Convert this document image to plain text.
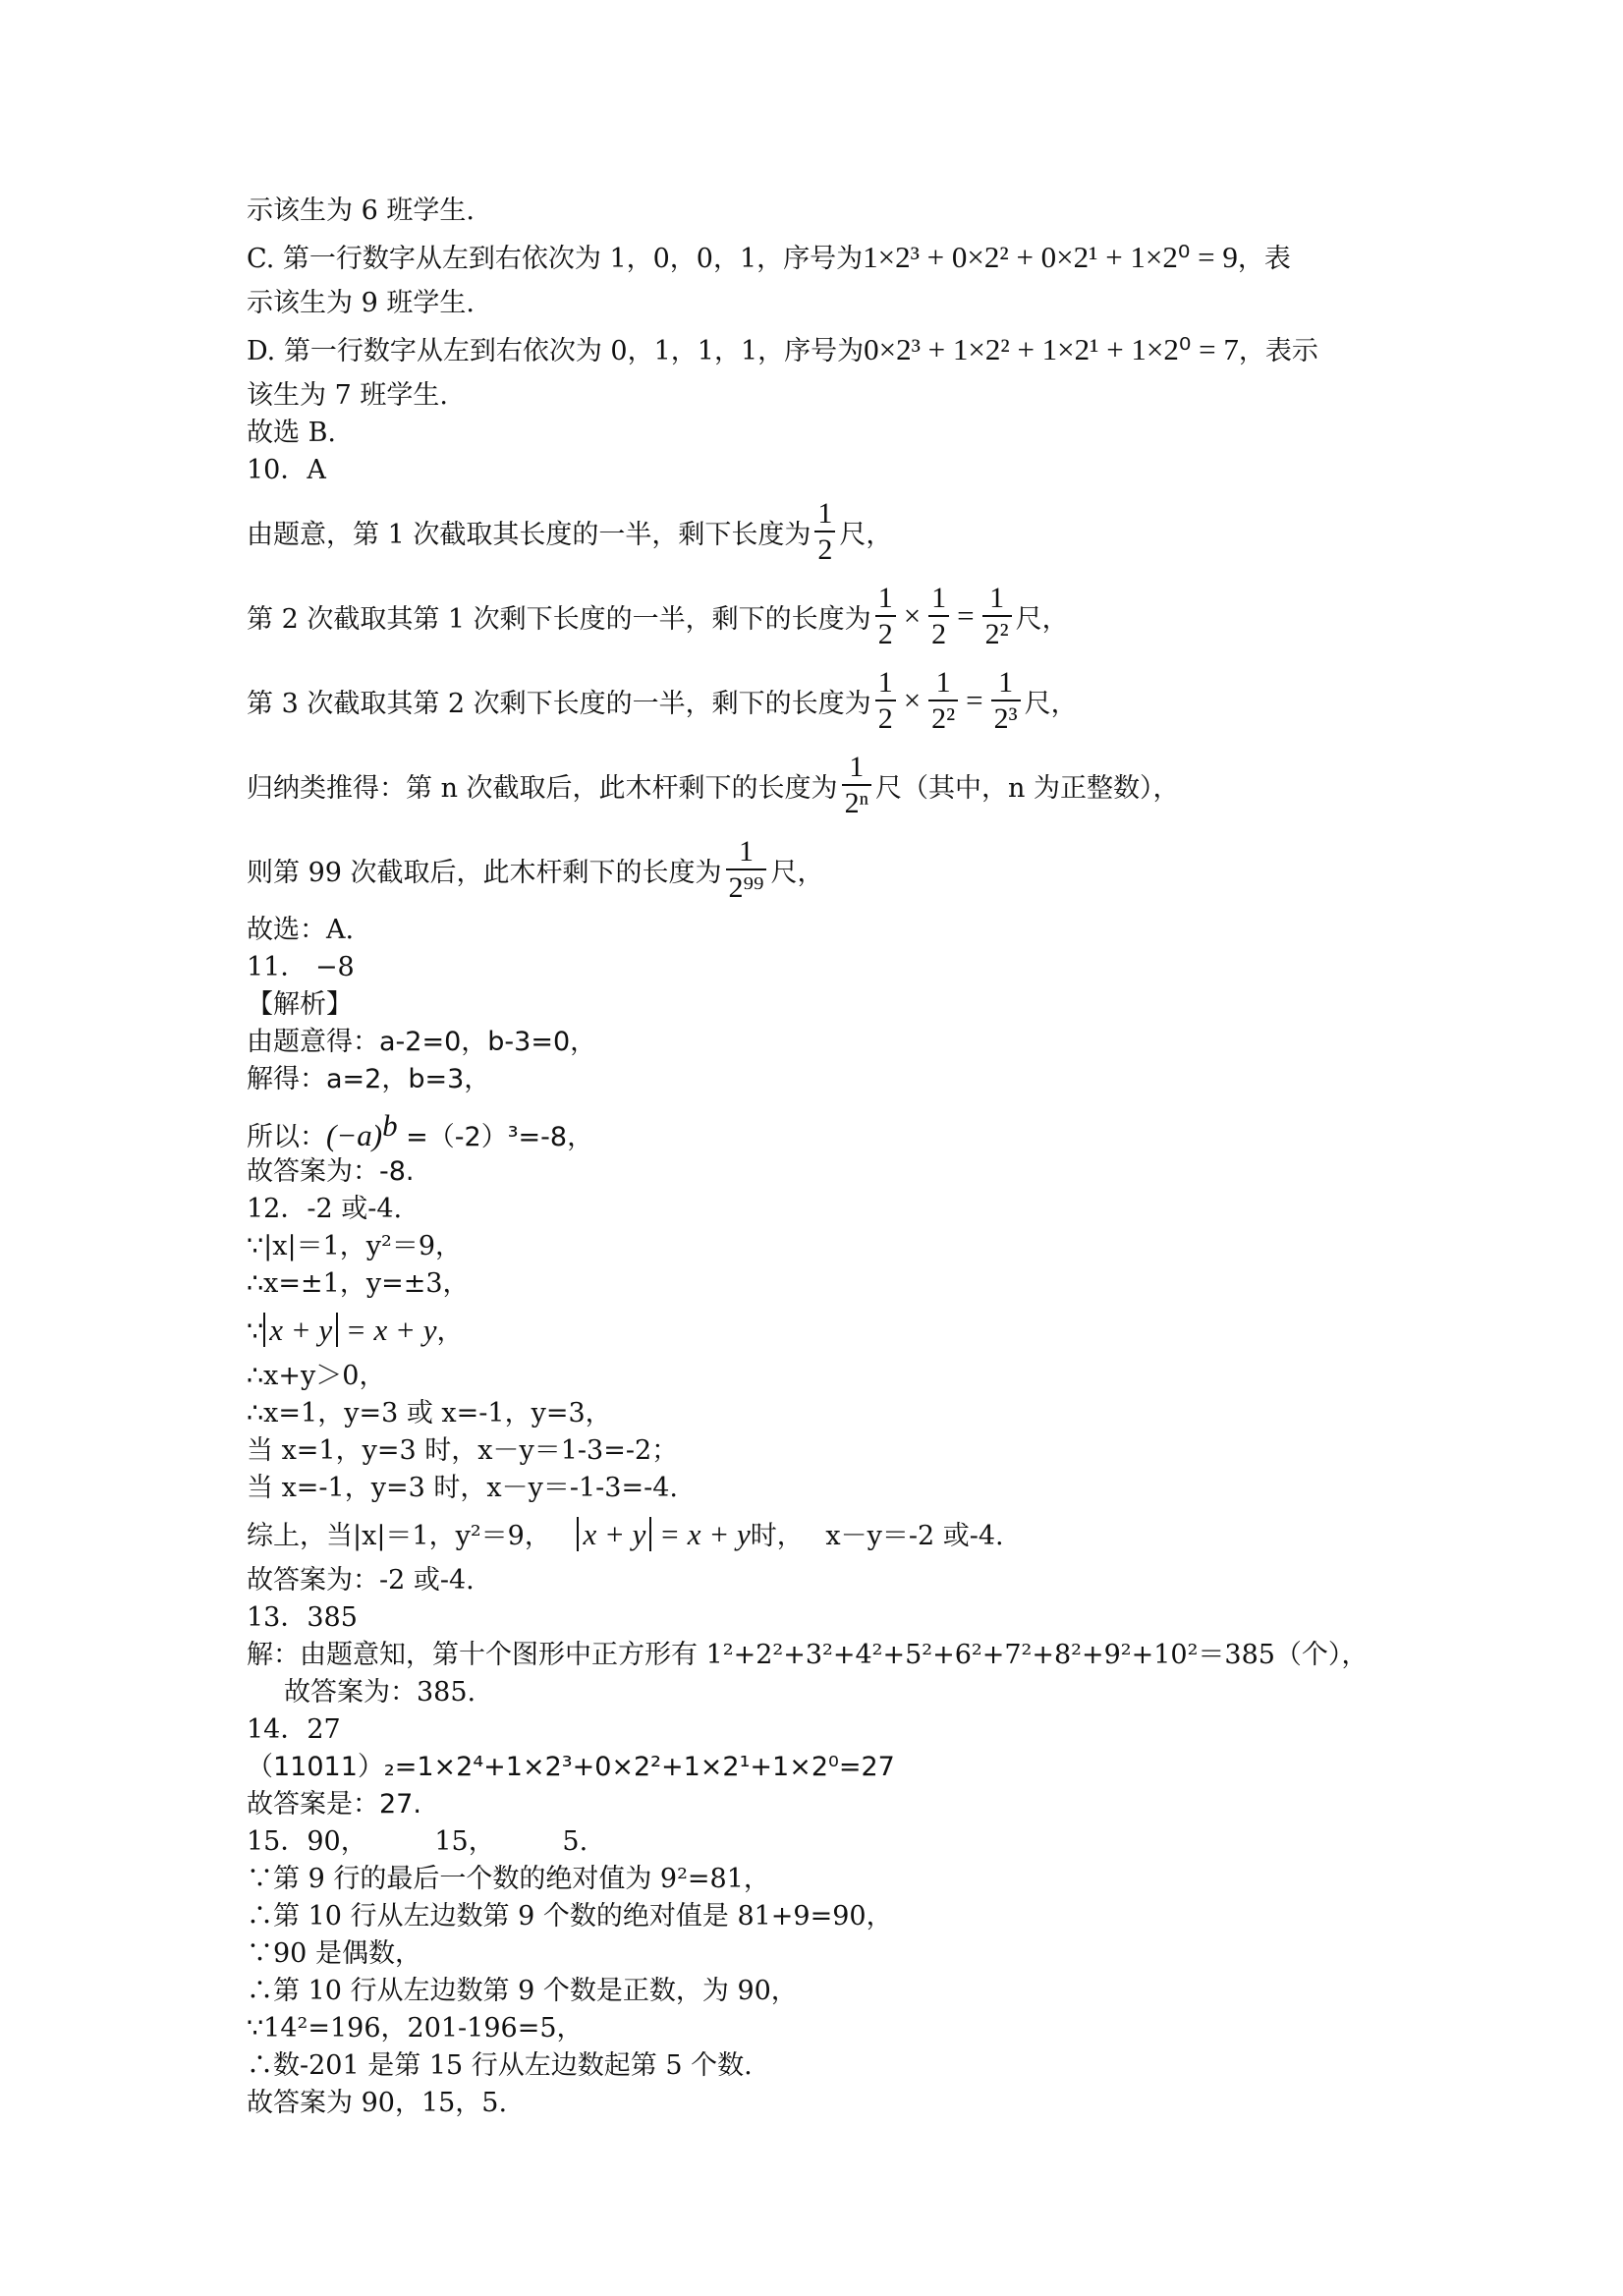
示该生为 6 班学生.
C. 第一行数字从左到右依次为 1，0，0，1，序号为1×2³ + 0×2² + 0×2¹ + 1×2⁰ = 9，表
示该生为 9 班学生.
D. 第一行数字从左到右依次为 0，1，1，1，序号为0×2³ + 1×2² + 1×2¹ + 1×2⁰ = 7，表示
该生为 7 班学生.
故选 B.
10．A
由题意，第 1 次截取其长度的一半，剩下长度为 $\frac{1}{2}$ 尺，
第 2 次截取其第 1 次剩下长度的一半，剩下的长度为 $\frac{1}{2} \times \frac{1}{2} = \frac{1}{\text{2²}}$ 尺，
第 3 次截取其第 2 次剩下长度的一半，剩下的长度为 $\frac{1}{2} \times \frac{1}{\text{2²}} = \frac{1}{\text{2³}}$ 尺，
归纳类推得：第 n 次截取后，此木杆剩下的长度为 $\frac{1}{\text{2ⁿ}}$ 尺（其中，n 为正整数），
则第 99 次截取后，此木杆剩下的长度为 $\frac{1}{\text{2⁹⁹}}$ 尺，
故选：A.
11． −8
【解析】
由题意得：a-2=0，b-3=0，
解得：a=2，b=3，
所以：$(-a)^b =(-2)^3=-8$，
故答案为：-8.
12．-2 或-4.
∵|x|＝1，y²＝9，
∴x=±1，y=±3，
∵ x + y = x + y，
∴x+y＞0，
∴x=1，y=3 或 x=-1，y=3，
当 x=1，y=3 时，x－y＝1-3=-2；
当 x=-1，y=3 时，x－y＝-1-3=-4.
综上，当|x|＝1，y²＝9， x + y = x + y时， x－y＝-2 或-4.
故答案为：-2 或-4.
13．385
解：由题意知，第十个图形中正方形有 1²+2²+3²+4²+5²+6²+7²+8²+9²+10²＝385（个），
故答案为：385.
14．27
（11011）₂=1×2⁴+1×2³+0×2²+1×2¹+1×2⁰=27
故答案是：27.
15．90，        15，        5.
∵第 9 行的最后一个数的绝对值为 9²=81，
∴第 10 行从左边数第 9 个数的绝对值是 81+9=90，
∵90 是偶数，
∴第 10 行从左边数第 9 个数是正数，为 90，
∵14²=196，201-196=5，
∴数-201 是第 15 行从左边数起第 5 个数.
故答案为 90，15，5.
